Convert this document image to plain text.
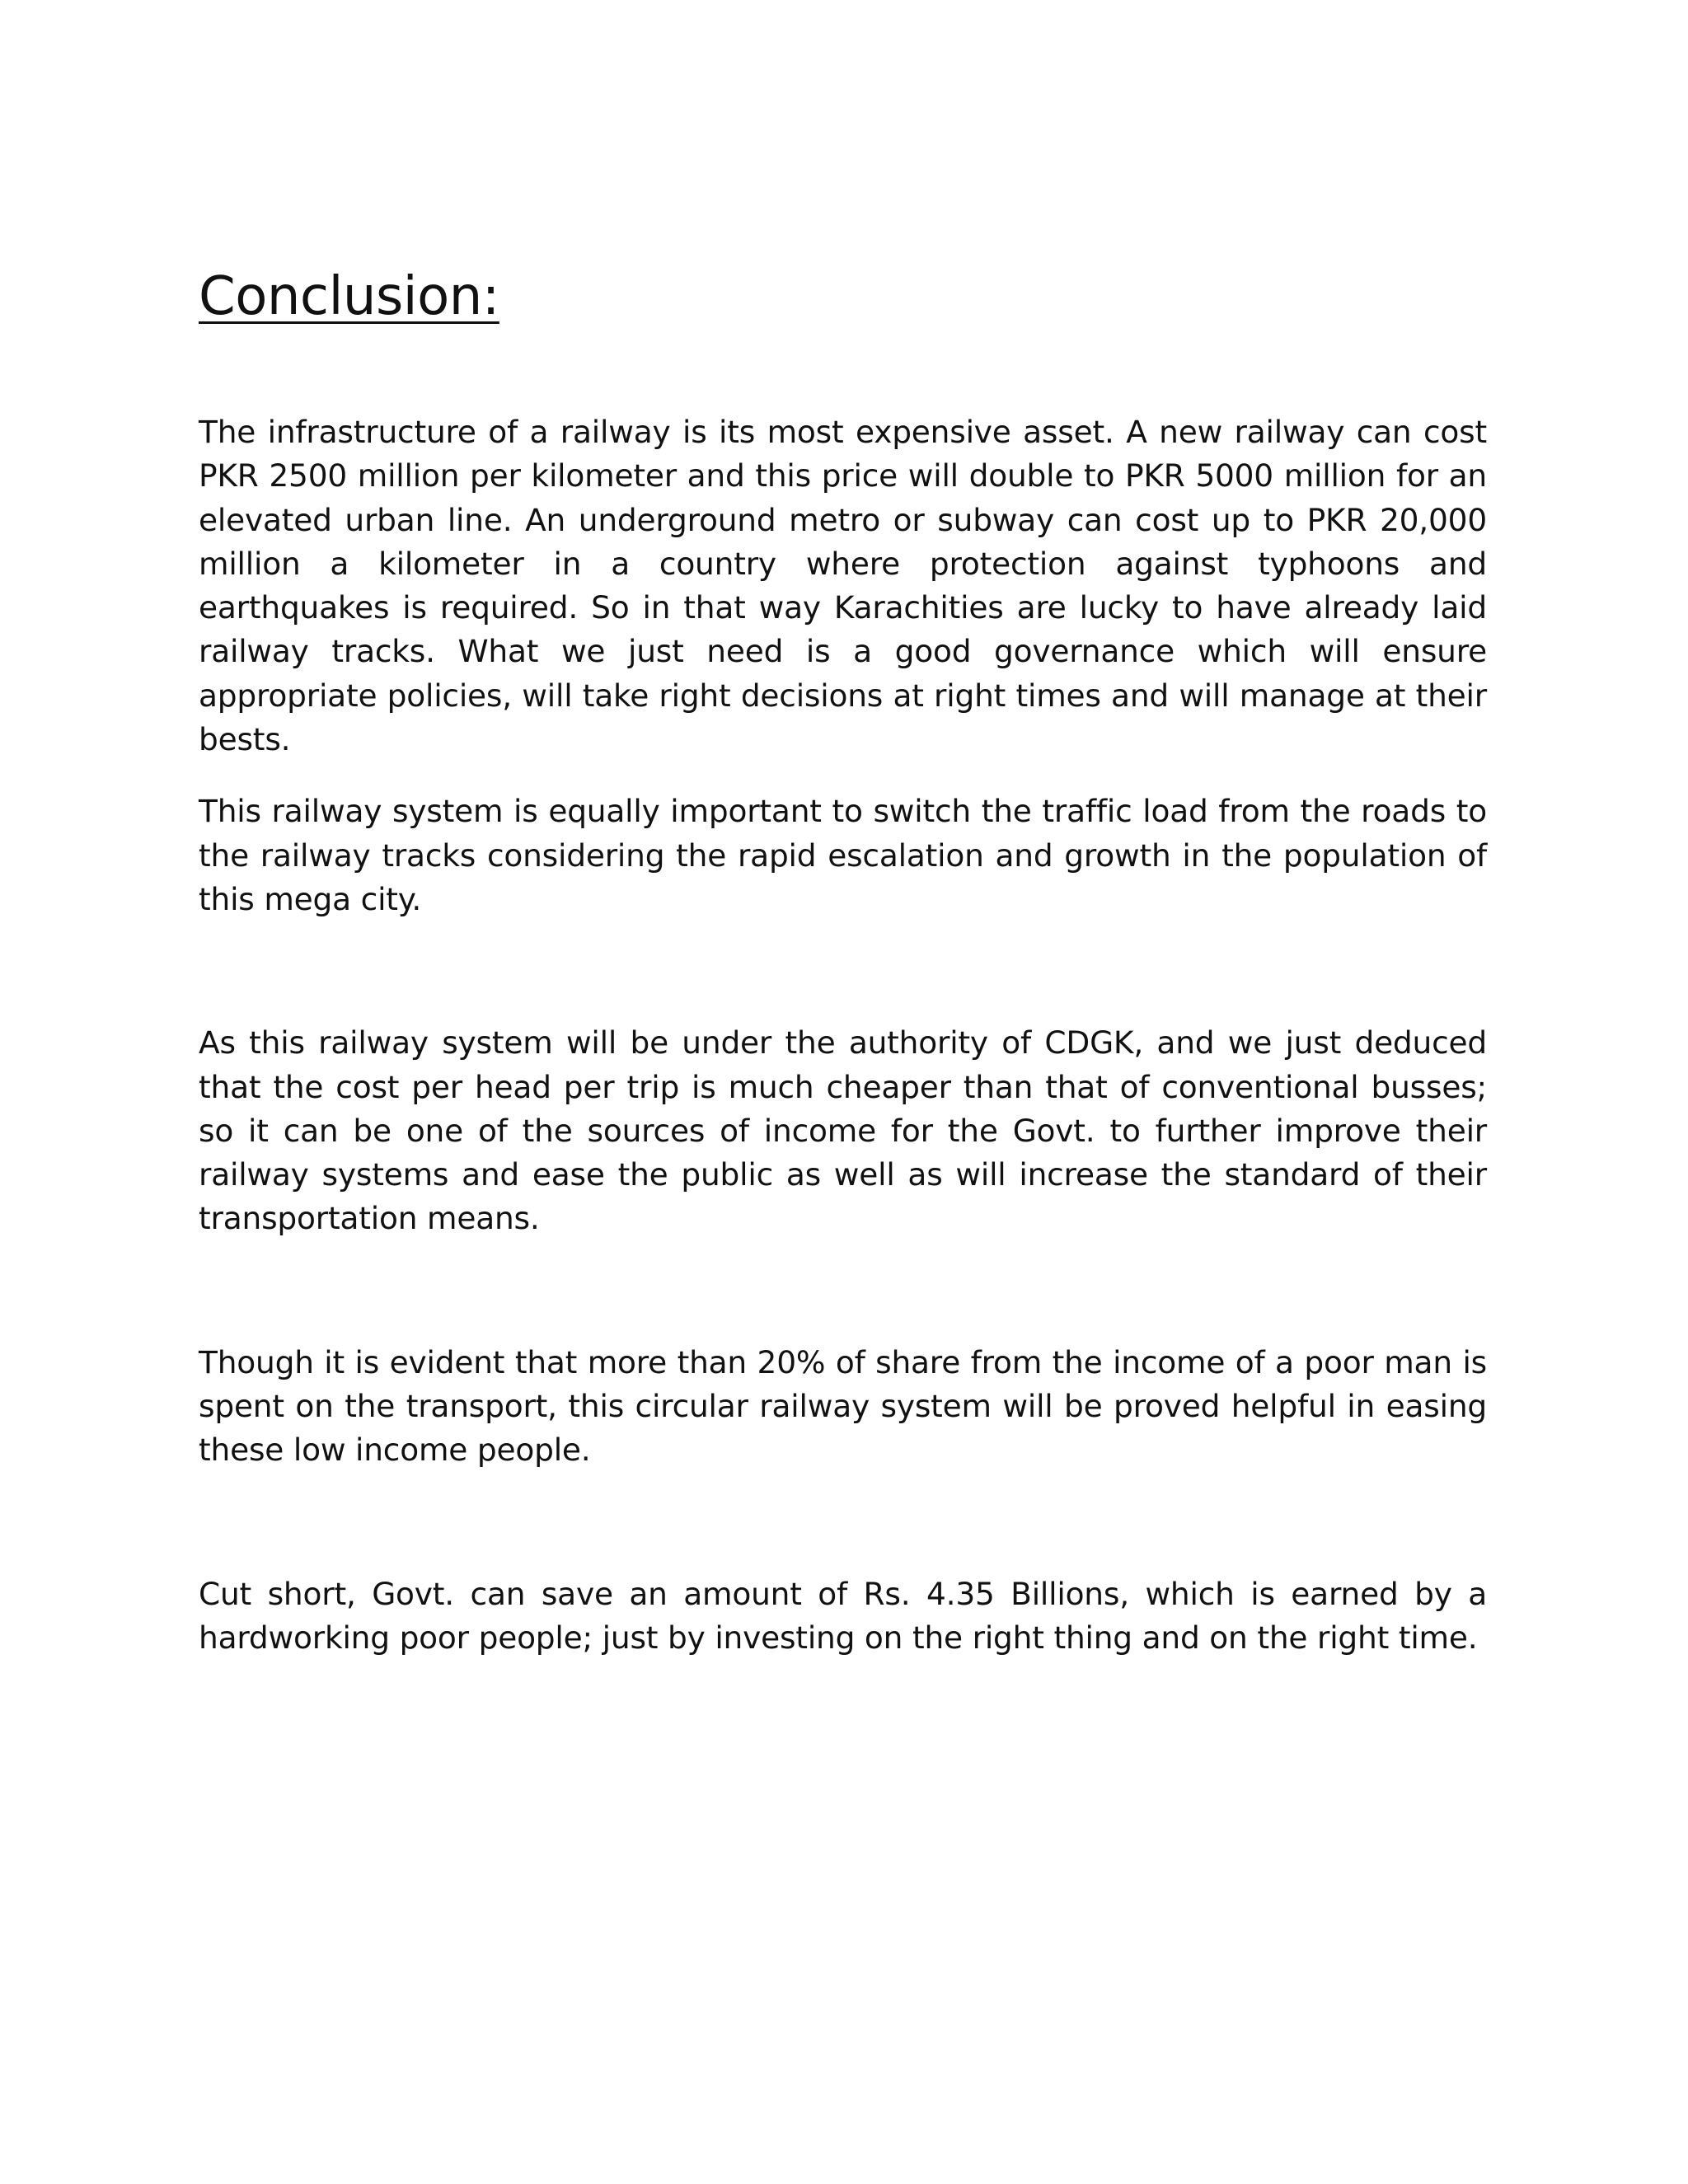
Conclusion:

The infrastructure of a railway is its most expensive asset. A new railway can cost PKR 2500 million per kilometer and this price will double to PKR 5000 million for an elevated urban line. An underground metro or subway can cost up to PKR 20,000 million a kilometer in a country where protection against typhoons and earthquakes is required. So in that way Karachities are lucky to have already laid railway tracks. What we just need is a good governance which will ensure appropriate policies, will take right decisions at right times and will manage at their bests.

This railway system is equally important to switch the traffic load from the roads to the railway tracks considering the rapid escalation and growth in the population of this mega city.

As this railway system will be under the authority of CDGK, and we just deduced that the cost per head per trip is much cheaper than that of conventional busses; so it can be one of the sources of income for the Govt. to further improve their railway systems and ease the public as well as will increase the standard of their transportation means.

Though it is evident that more than 20% of share from the income of a poor man is spent on the transport, this circular railway system will be proved helpful in easing these low income people.

Cut short, Govt. can save an amount of Rs. 4.35 Billions, which is earned by a hardworking poor people; just by investing on the right thing and on the right time.
